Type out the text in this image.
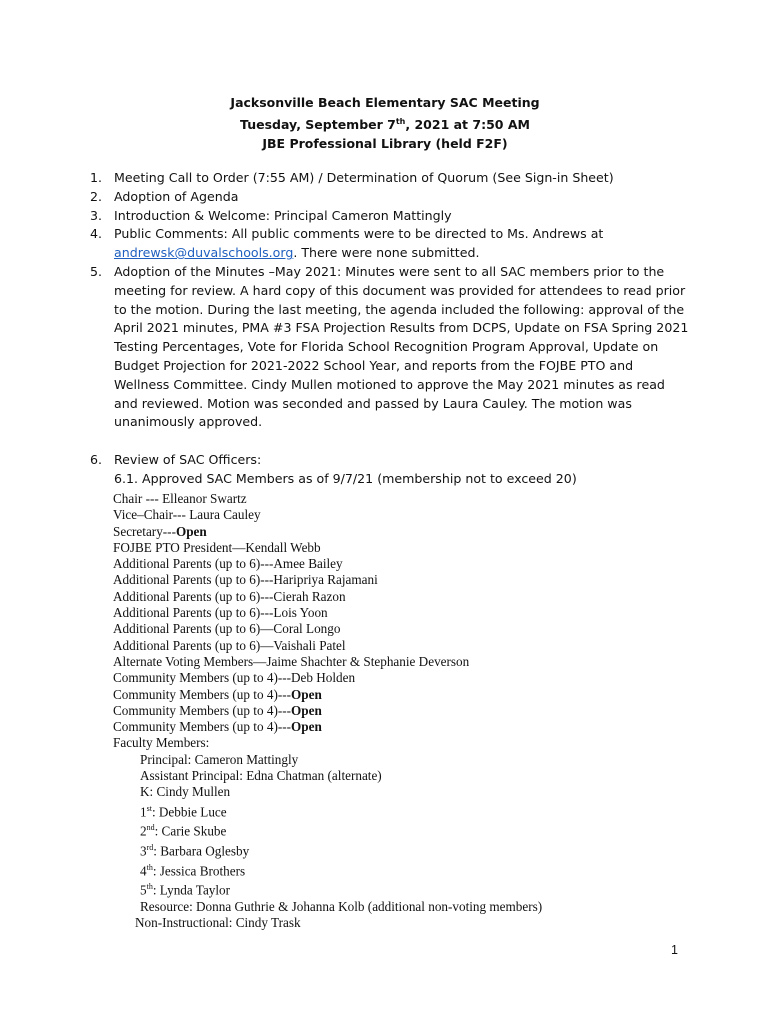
Jacksonville Beach Elementary SAC Meeting
Tuesday, September 7th, 2021 at 7:50 AM
JBE Professional Library (held F2F)
1. Meeting Call to Order (7:55 AM) / Determination of Quorum (See Sign-in Sheet)
2. Adoption of Agenda
3. Introduction & Welcome: Principal Cameron Mattingly
4. Public Comments: All public comments were to be directed to Ms. Andrews at
andrewsk@duvalschools.org. There were none submitted.
5. Adoption of the Minutes –May 2021: Minutes were sent to all SAC members prior to the meeting for review. A hard copy of this document was provided for attendees to read prior to the motion. During the last meeting, the agenda included the following: approval of the April 2021 minutes, PMA #3 FSA Projection Results from DCPS, Update on FSA Spring 2021 Testing Percentages, Vote for Florida School Recognition Program Approval, Update on Budget Projection for 2021-2022 School Year, and reports from the FOJBE PTO and Wellness Committee. Cindy Mullen motioned to approve the May 2021 minutes as read and reviewed. Motion was seconded and passed by Laura Cauley. The motion was unanimously approved.
6. Review of SAC Officers:
6.1. Approved SAC Members as of 9/7/21 (membership not to exceed 20)
Chair --- Elleanor Swartz
Vice–Chair--- Laura Cauley
Secretary---Open
FOJBE PTO President—Kendall Webb
Additional Parents (up to 6)---Amee Bailey
Additional Parents (up to 6)---Haripriya Rajamani
Additional Parents (up to 6)---Cierah Razon
Additional Parents (up to 6)---Lois Yoon
Additional Parents (up to 6)—Coral Longo
Additional Parents (up to 6)—Vaishali Patel
Alternate Voting Members—Jaime Shachter & Stephanie Deverson
Community Members (up to 4)---Deb Holden
Community Members (up to 4)---Open
Community Members (up to 4)---Open
Community Members (up to 4)---Open
Faculty Members:
Principal: Cameron Mattingly
Assistant Principal: Edna Chatman (alternate)
K: Cindy Mullen
1st: Debbie Luce
2nd: Carie Skube
3rd: Barbara Oglesby
4th: Jessica Brothers
5th: Lynda Taylor
Resource: Donna Guthrie & Johanna Kolb (additional non-voting members)
Non-Instructional: Cindy Trask
1
